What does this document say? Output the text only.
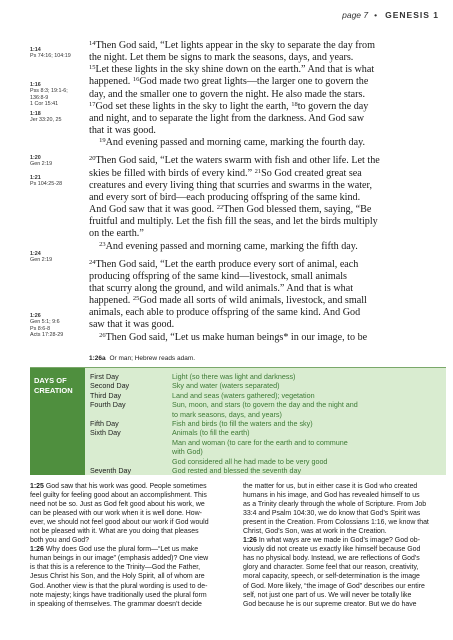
page 7 • GENESIS 1
1:14
Ps 74:16; 104:19
1:16
Pss 8:3; 19:1-6;
136:8-9
1 Cor 15:41
1:18
Jer 33:20, 25
1:20
Gen 2:19
1:21
Ps 104:25-28
1:24
Gen 2:19
1:26
Gen 5:1; 9:6
Ps 8:6-8
Acts 17:28-29

$^{14}$Then God said, “Let lights appear in the sky to separate the day from
the night. Let them be signs to mark the seasons, days, and years.
$^{15}$Let these lights in the sky shine down on the earth.” And that is what
happened. $^{16}$God made two great lights—the larger one to govern the
day, and the smaller one to govern the night. He also made the stars.
$^{17}$God set these lights in the sky to light the earth, $^{18}$to govern the day
and night, and to separate the light from the darkness. And God saw
that it was good.
$^{19}$And evening passed and morning came, marking the fourth day.

$^{20}$Then God said, “Let the waters swarm with fish and other life. Let the
skies be filled with birds of every kind.” $^{21}$So God created great sea
creatures and every living thing that scurries and swarms in the water,
and every sort of bird—each producing offspring of the same kind.
And God saw that it was good. $^{22}$Then God blessed them, saying, “Be
fruitful and multiply. Let the fish fill the seas, and let the birds multiply
on the earth.”
$^{23}$And evening passed and morning came, marking the fifth day.

$^{24}$Then God said, “Let the earth produce every sort of animal, each
producing offspring of the same kind—livestock, small animals
that scurry along the ground, and wild animals.” And that is what
happened. $^{25}$God made all sorts of wild animals, livestock, and small
animals, each able to produce offspring of the same kind. And God
saw that it was good.
$^{26}$Then God said, “Let us make human beings* in our image, to be

1:26a Or man; Hebrew reads adam.
DAYS OF
CREATION
First Day	Light (so there was light and darkness)
Second Day	Sky and water (waters separated)
Third Day	Land and seas (waters gathered); vegetation
Fourth Day	Sun, moon, and stars (to govern the day and the night and
to mark seasons, days, and years)
Fifth Day	Fish and birds (to fill the waters and the sky)
Sixth Day	Animals (to fill the earth)
Man and woman (to care for the earth and to commune
with God)
God considered all he had made to be very good
Seventh Day	God rested and blessed the seventh day
1:25 God saw that his work was good. People sometimes
feel guilty for feeling good about an accomplishment. This
need not be so. Just as God felt good about his work, we
can be pleased with our work when it is well done. How-
ever, we should not feel good about our work if God would
not be pleased with it. What are you doing that pleases
both you and God?
1:26 Why does God use the plural form—“Let us make
human beings in our image” (emphasis added)? One view
is that this is a reference to the Trinity—God the Father,
Jesus Christ his Son, and the Holy Spirit, all of whom are
God. Another view is that the plural wording is used to de-
note majesty; kings have traditionally used the plural form
in speaking of themselves. The grammar doesn’t decide
the matter for us, but in either case it is God who created
humans in his image, and God has revealed himself to us
as a Trinity clearly through the whole of Scripture. From Job
33:4 and Psalm 104:30, we do know that God’s Spirit was
present in the Creation. From Colossians 1:16, we know that
Christ, God’s Son, was at work in the Creation.
1:26 In what ways are we made in God’s image? God ob-
viously did not create us exactly like himself because God
has no physical body. Instead, we are reflections of God’s
glory and character. Some feel that our reason, creativity,
moral capacity, speech, or self-determination is the image
of God. More likely, “the image of God” describes our entire
self, not just one part of us. We will never be totally like
God because he is our supreme creator. But we do have
